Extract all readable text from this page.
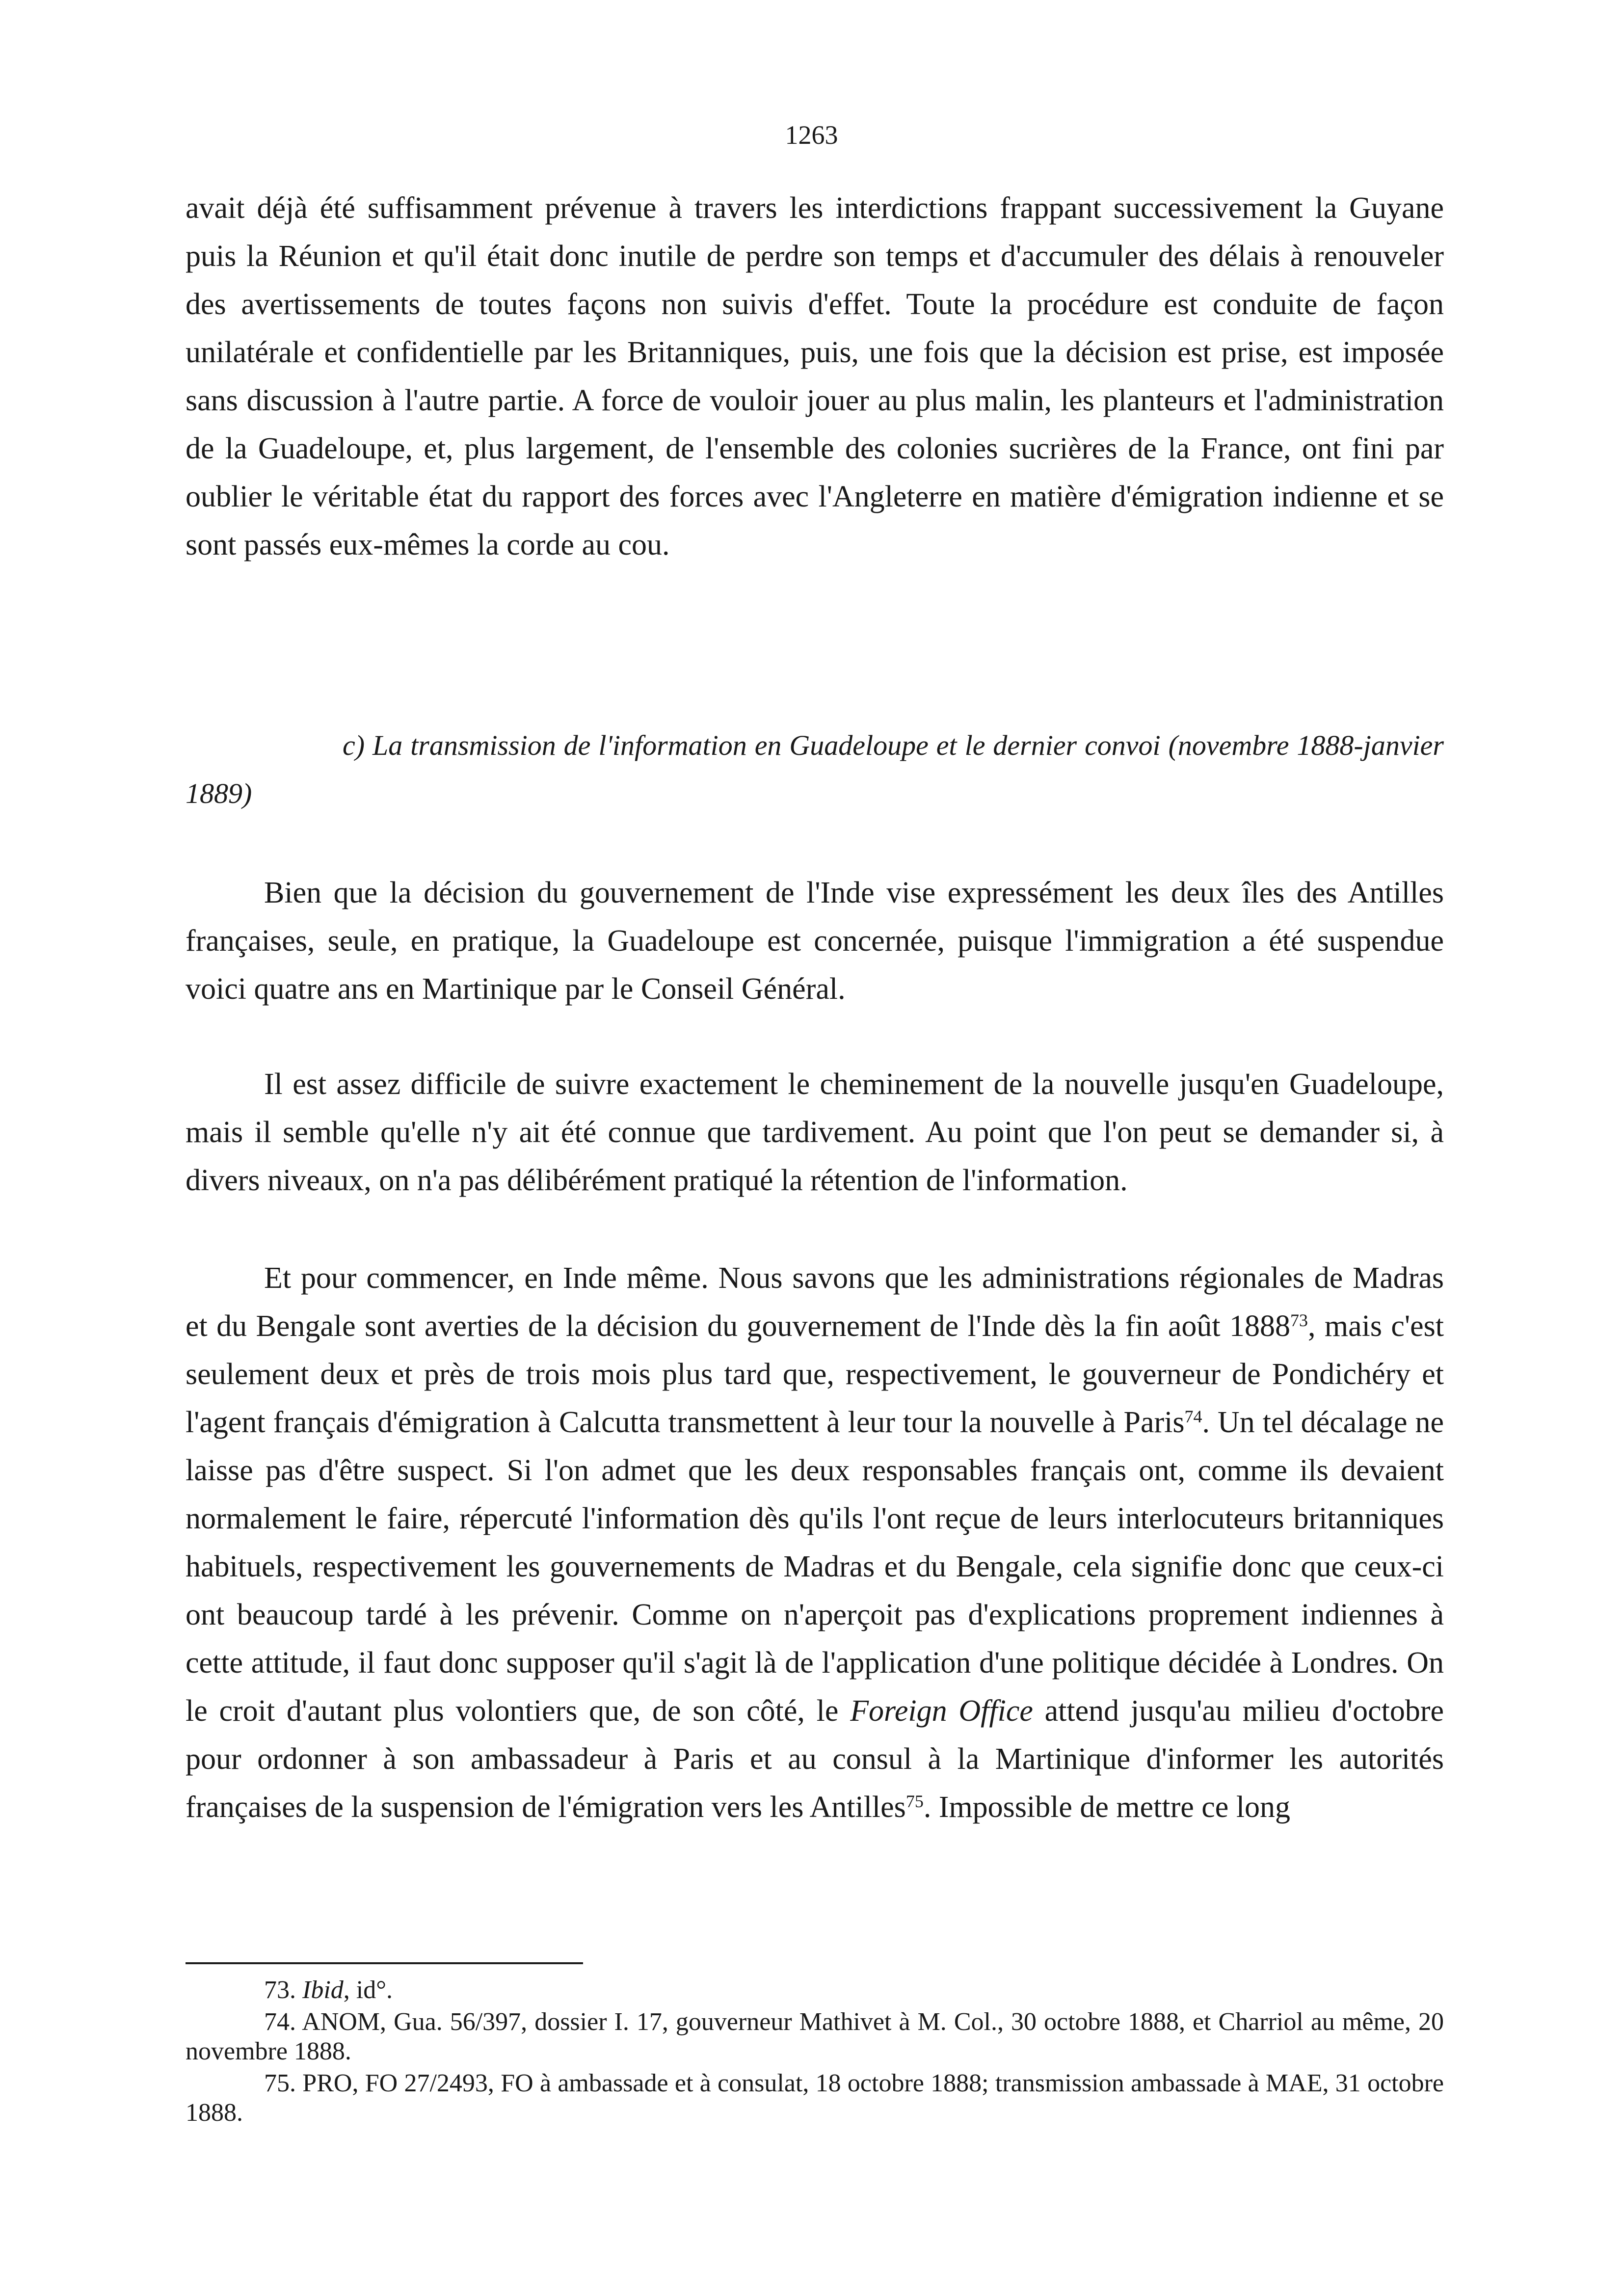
1263

avait déjà été suffisamment prévenue à travers les interdictions frappant successivement la Guyane puis la Réunion et qu'il était donc inutile de perdre son temps et d'accumuler des délais à renouveler des avertissements de toutes façons non suivis d'effet. Toute la procédure est conduite de façon unilatérale et confidentielle par les Britanniques, puis, une fois que la décision est prise, est imposée sans discussion à l'autre partie. A force de vouloir jouer au plus malin, les planteurs et l'administration de la Guadeloupe, et, plus largement, de l'ensemble des colonies sucrières de la France, ont fini par oublier le véritable état du rapport des forces avec l'Angleterre en matière d'émigration indienne et se sont passés eux-mêmes la corde au cou.

c) La transmission de l'information en Guadeloupe et le dernier convoi (novembre 1888-janvier 1889)

Bien que la décision du gouvernement de l'Inde vise expressément les deux îles des Antilles françaises, seule, en pratique, la Guadeloupe est concernée, puisque l'immigration a été suspendue voici quatre ans en Martinique par le Conseil Général.

Il est assez difficile de suivre exactement le cheminement de la nouvelle jusqu'en Guadeloupe, mais il semble qu'elle n'y ait été connue que tardivement. Au point que l'on peut se demander si, à divers niveaux, on n'a pas délibérément pratiqué la rétention de l'information.

Et pour commencer, en Inde même. Nous savons que les administrations régionales de Madras et du Bengale sont averties de la décision du gouvernement de l'Inde dès la fin août 1888$^{73}$, mais c'est seulement deux et près de trois mois plus tard que, respectivement, le gouverneur de Pondichéry et l'agent français d'émigration à Calcutta transmettent à leur tour la nouvelle à Paris$^{74}$. Un tel décalage ne laisse pas d'être suspect. Si l'on admet que les deux responsables français ont, comme ils devaient normalement le faire, répercuté l'information dès qu'ils l'ont reçue de leurs interlocuteurs britanniques habituels, respectivement les gouvernements de Madras et du Bengale, cela signifie donc que ceux-ci ont beaucoup tardé à les prévenir. Comme on n'aperçoit pas d'explications proprement indiennes à cette attitude, il faut donc supposer qu'il s'agit là de l'application d'une politique décidée à Londres. On le croit d'autant plus volontiers que, de son côté, le Foreign Office attend jusqu'au milieu d'octobre pour ordonner à son ambassadeur à Paris et au consul à la Martinique d'informer les autorités françaises de la suspension de l'émigration vers les Antilles$^{75}$. Impossible de mettre ce long

73. Ibid, id°.

74. ANOM, Gua. 56/397, dossier I. 17, gouverneur Mathivet à M. Col., 30 octobre 1888, et Charriol au même, 20 novembre 1888.

75. PRO, FO 27/2493, FO à ambassade et à consulat, 18 octobre 1888; transmission ambassade à MAE, 31 octobre 1888.
